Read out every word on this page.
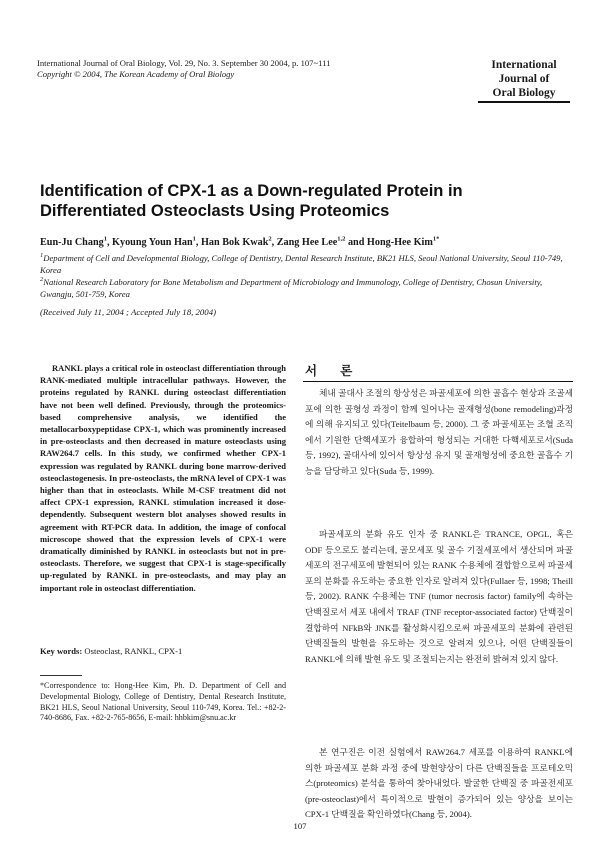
International Journal of Oral Biology, Vol. 29, No. 3. September 30 2004, p. 107~111
Copyright © 2004, The Korean Academy of Oral Biology
International
Journal of
Oral Biology
Identification of CPX-1 as a Down-regulated Protein in Differentiated Osteoclasts Using Proteomics
Eun-Ju Chang$^1$, Kyoung Youn Han$^1$, Han Bok Kwak$^2$, Zang Hee Lee$^{1,2}$ and Hong-Hee Kim$^{1*}$
$^1$Department of Cell and Developmental Biology, College of Dentistry, Dental Research Institute, BK21 HLS, Seoul National University, Seoul 110-749, Korea
$^2$National Research Laboratory for Bone Metabolism and Department of Microbiology and Immunology, College of Dentistry, Chosun University, Gwangju, 501-759, Korea
(Received July 11, 2004 ; Accepted July 18, 2004)

RANKL plays a critical role in osteoclast differentiation through RANK-mediated multiple intracellular pathways. However, the proteins regulated by RANKL during osteoclast differentiation have not been well defined. Previously, through the proteomics-based comprehensive analysis, we identified the metallocarboxypeptidase CPX-1, which was prominently increased in pre-osteoclasts and then decreased in mature osteoclasts using RAW264.7 cells. In this study, we confirmed whether CPX-1 expression was regulated by RANKL during bone marrow-derived osteoclastogenesis. In pre-osteoclasts, the mRNA level of CPX-1 was higher than that in osteoclasts. While M-CSF treatment did not affect CPX-1 expression, RANKL stimulation increased it dose-dependently. Subsequent western blot analyses showed results in agreement with RT-PCR data. In addition, the image of confocal microscope showed that the expression levels of CPX-1 were dramatically diminished by RANKL in osteoclasts but not in pre-osteoclasts. Therefore, we suggest that CPX-1 is stage-specifically up-regulated by RANKL in pre-osteoclasts, and may play an important role in osteoclast differentiation.

Key words: Osteoclast, RANKL, CPX-1
*Correspondence to: Hong-Hee Kim, Ph. D. Department of Cell and Developmental Biology, College of Dentistry, Dental Research Institute, BK21 HLS, Seoul National University, Seoul 110-749, Korea. Tel.: +82-2-740-8686, Fax. +82-2-765-8656, E-mail: hhbkim@snu.ac.kr
서 론

체내 골대사 조절의 항상성은 파골세포에 의한 골흡수 현상과 조골세포에 의한 골형성 과정이 함께 일어나는 골재형성(bone remodeling)과정에 의해 유지되고 있다(Teitelbaum 등, 2000). 그 중 파골세포는 조혈 조직에서 기원한 단핵세포가 융합하여 형성되는 거대한 다핵세포로서(Suda 등, 1992), 골대사에 있어서 항상성 유지 및 골재형성에 중요한 골흡수 기능을 담당하고 있다(Suda 등, 1999).

파골세포의 분화 유도 인자 중 RANKL은 TRANCE, OPGL, 혹은 ODF 등으로도 불리는데, 골모세포 및 골수 기질세포에서 생산되며 파골세포의 전구세포에 발현되어 있는 RANK 수용체에 결합함으로써 파골세포의 분화를 유도하는 중요한 인자로 알려져 있다(Fullaer 등, 1998; Theill 등, 2002). RANK 수용체는 TNF (tumor necrosis factor) family에 속하는 단백질로서 세포 내에서 TRAF (TNF receptor-associated factor) 단백질이 결합하여 NFkB와 JNK를 활성화시킴으로써 파골세포의 분화에 관련된 단백질들의 발현을 유도하는 것으로 알려져 있으나, 어떤 단백질들이 RANKL에 의해 발현 유도 및 조절되는지는 완전히 밝혀져 있지 않다.

본 연구진은 이전 실험에서 RAW264.7 세포를 이용하여 RANKL에 의한 파골세포 분화 과정 중에 발현양상이 다른 단백질들을 프로테오믹스(proteomics) 분석을 통하여 찾아내었다. 발굴한 단백질 중 파골전세포(pre-osteoclast)에서 특이적으로 발현이 증가되어 있는 양상을 보이는 CPX-1 단백질을 확인하였다(Chang 등, 2004).

107
